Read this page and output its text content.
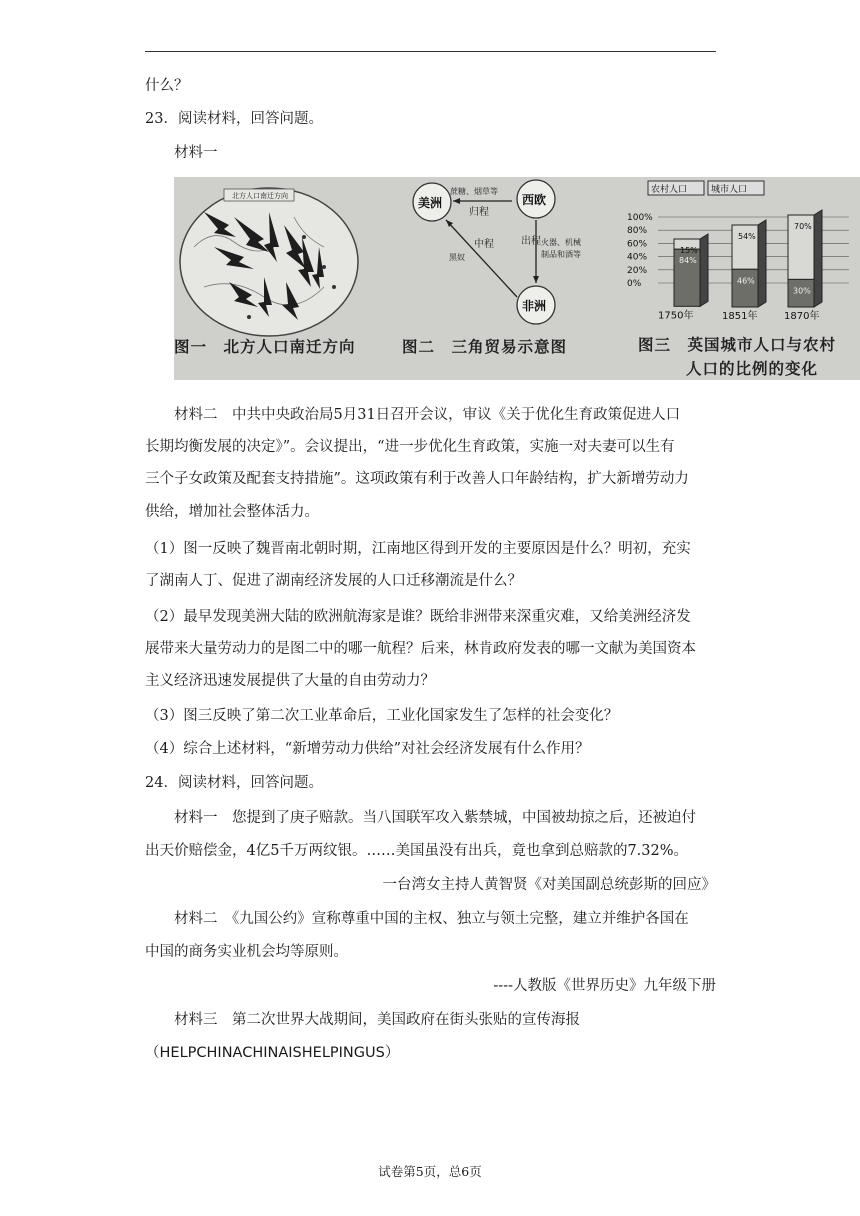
什么？
23．阅读材料，回答问题。
材料一
北方人口南迁方向	美洲	西欧
非洲
蔗糖、烟草等
归程
出程 火器、机械
制品和酒等
中程
黑奴
农村人口	城市人口
100%
80%
60%
40%
20%
0%
15%
84%
1750年
54%
46%
1851年
70%
30%
1870年
图一　北方人口南迁方向	图二　三角贸易示意图	图三　英国城市人口与农村
人口的比例的变化
材料二　中共中央政治局5月31日召开会议，审议《关于优化生育政策促进人口
长期均衡发展的决定》”。会议提出，“进一步优化生育政策，实施一对夫妻可以生有
三个子女政策及配套支持措施”。这项政策有利于改善人口年龄结构，扩大新增劳动力
供给，增加社会整体活力。
（1）图一反映了魏晋南北朝时期，江南地区得到开发的主要原因是什么？明初，充实
了湖南人丁、促进了湖南经济发展的人口迁移潮流是什么？
（2）最早发现美洲大陆的欧洲航海家是谁？既给非洲带来深重灾难，又给美洲经济发
展带来大量劳动力的是图二中的哪一航程？后来，林肯政府发表的哪一文献为美国资本
主义经济迅速发展提供了大量的自由劳动力？
（3）图三反映了第二次工业革命后，工业化国家发生了怎样的社会变化？
（4）综合上述材料，“新增劳动力供给”对社会经济发展有什么作用？
24．阅读材料，回答问题。
材料一　您提到了庚子赔款。当八国联军攻入紫禁城，中国被劫掠之后，还被迫付
出天价赔偿金，4亿5千万两纹银。……美国虽没有出兵，竟也拿到总赔款的7.32%。
一台湾女主持人黄智贤《对美国副总统彭斯的回应》
材料二　《九国公约》宣称尊重中国的主权、独立与领土完整，建立并维护各国在
中国的商务实业机会均等原则。
----人教版《世界历史》九年级下册
材料三　第二次世界大战期间，美国政府在街头张贴的宣传海报
（HELPCHINACHINAISHELPINGUS）
试卷第5页，总6页
